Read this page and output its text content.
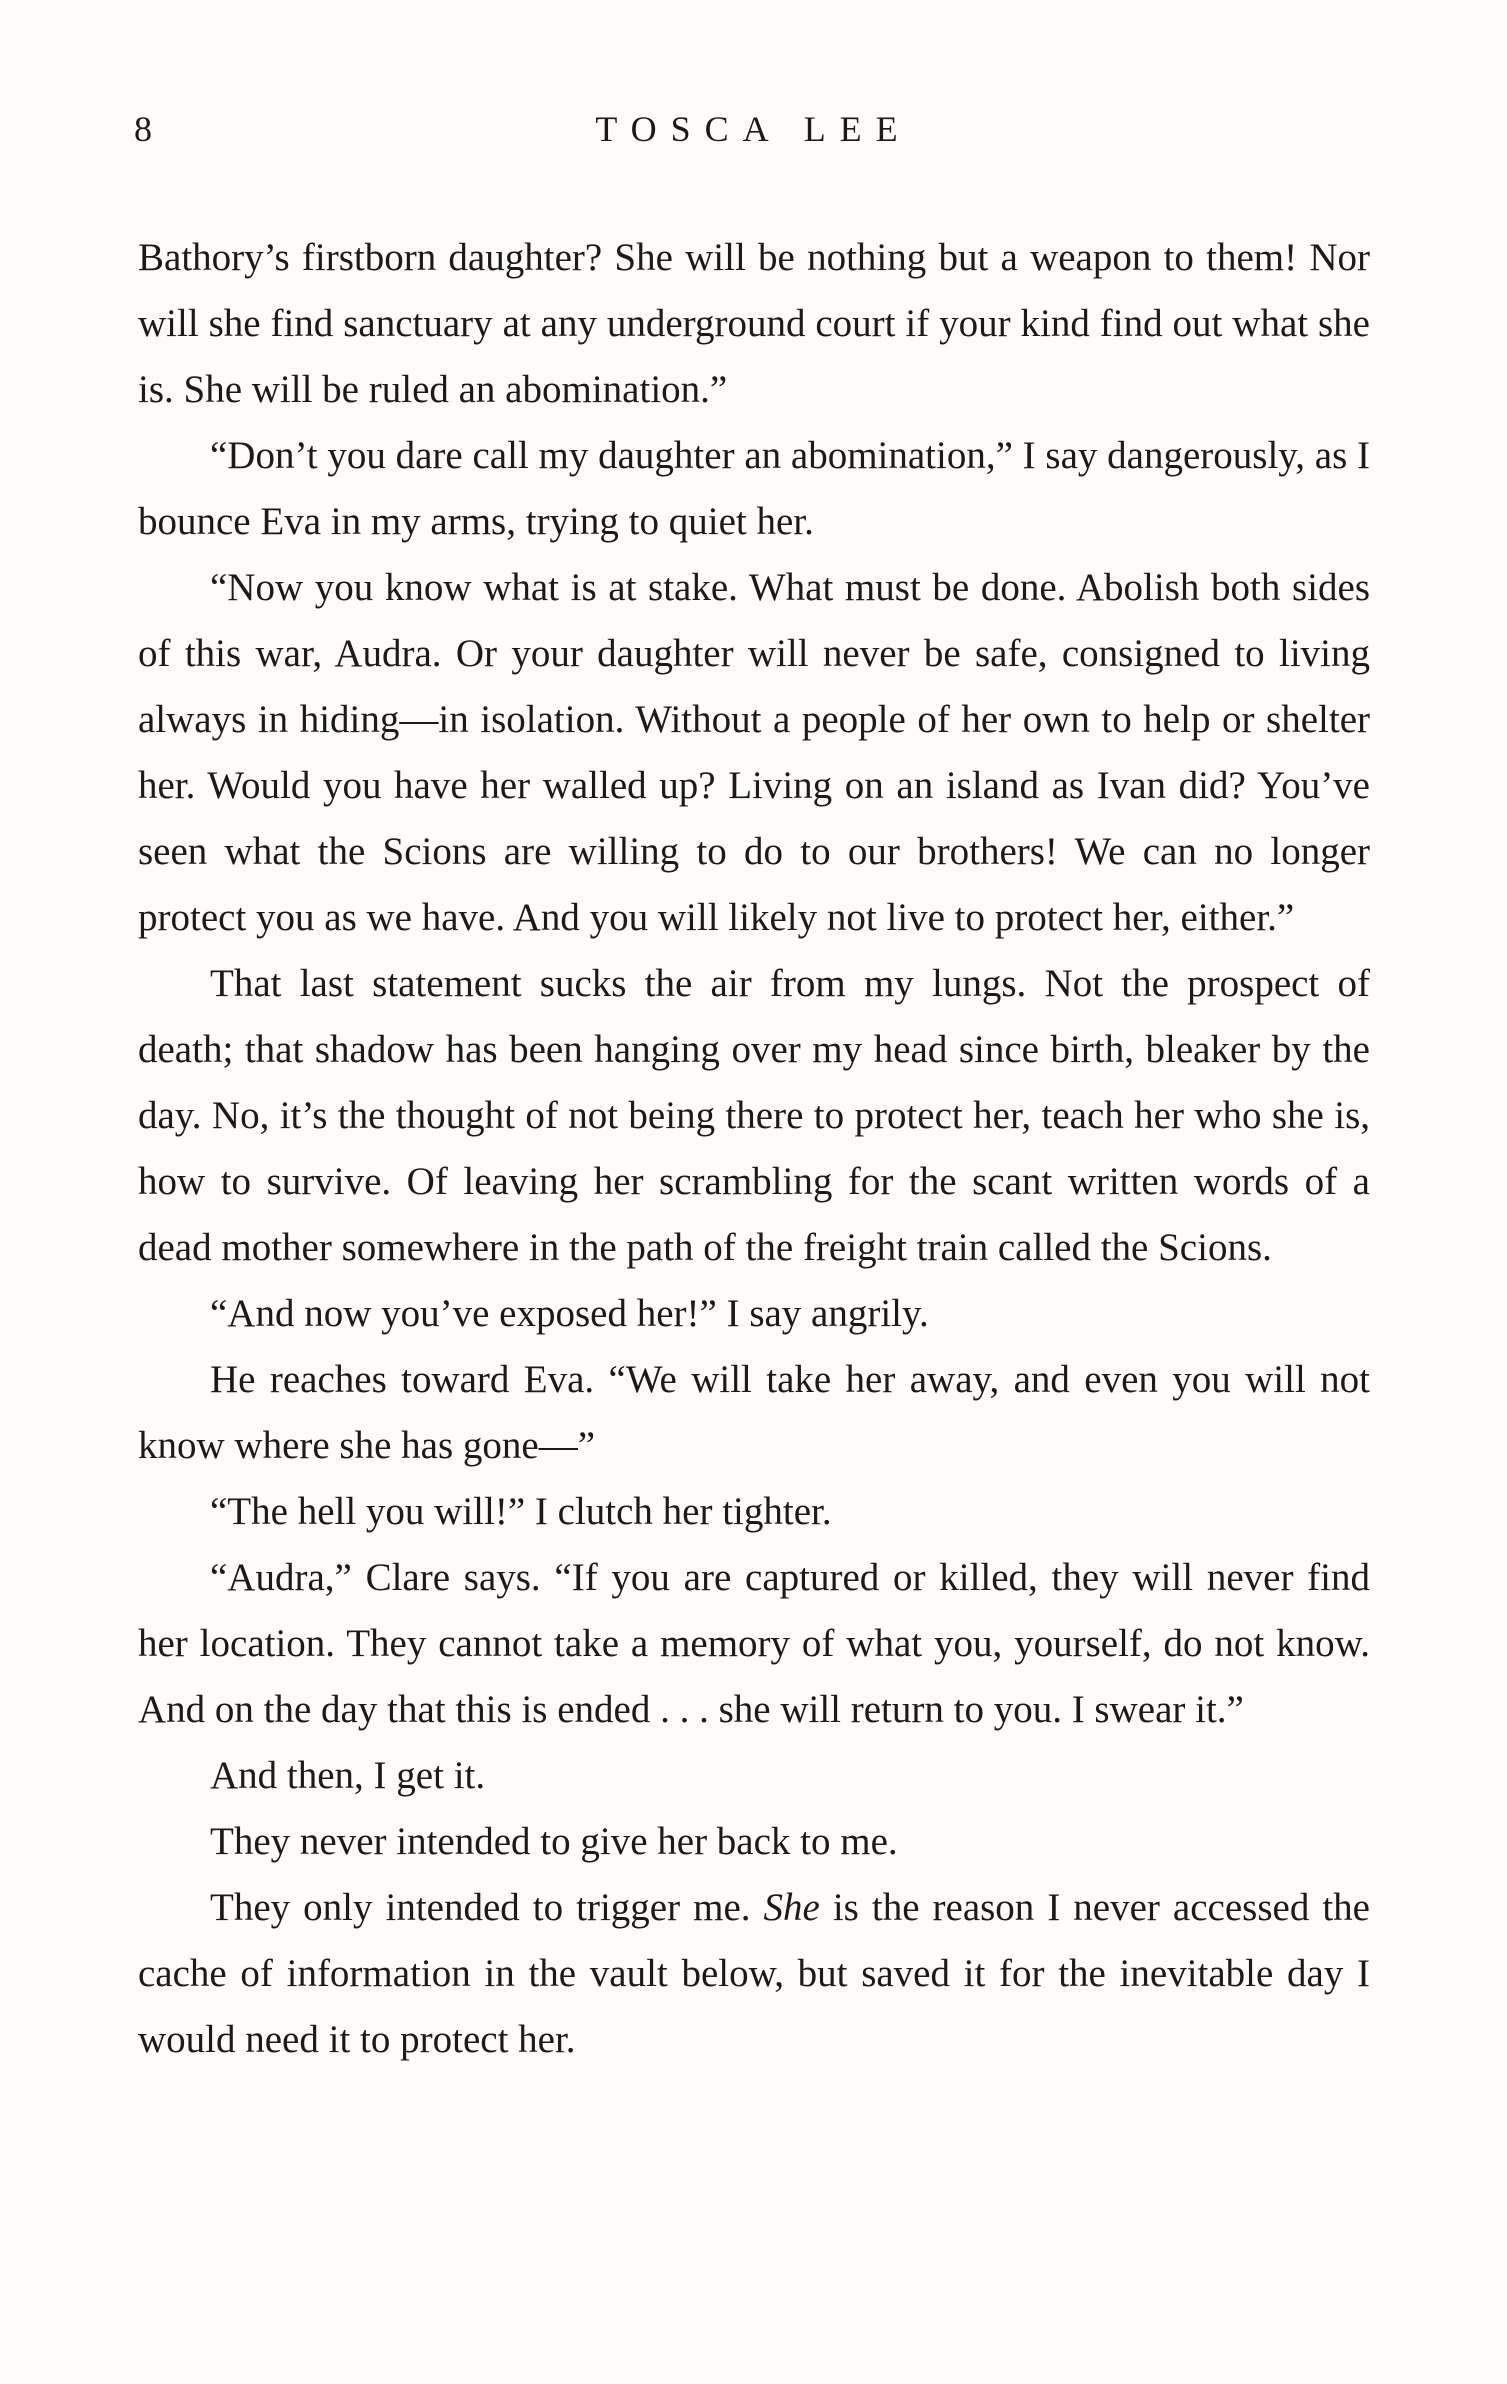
8	TOSCA LEE

Bathory’s firstborn daughter? She will be nothing but a weapon to them! Nor will she find sanctuary at any underground court if your kind find out what she is. She will be ruled an abomination.”

“Don’t you dare call my daughter an abomination,” I say dangerously, as I bounce Eva in my arms, trying to quiet her.

“Now you know what is at stake. What must be done. Abolish both sides of this war, Audra. Or your daughter will never be safe, consigned to living always in hiding—in isolation. Without a people of her own to help or shelter her. Would you have her walled up? Living on an island as Ivan did? You’ve seen what the Scions are willing to do to our brothers! We can no longer protect you as we have. And you will likely not live to protect her, either.”

That last statement sucks the air from my lungs. Not the prospect of death; that shadow has been hanging over my head since birth, bleaker by the day. No, it’s the thought of not being there to protect her, teach her who she is, how to survive. Of leaving her scrambling for the scant written words of a dead mother somewhere in the path of the freight train called the Scions.

“And now you’ve exposed her!” I say angrily.

He reaches toward Eva. “We will take her away, and even you will not know where she has gone—”

“The hell you will!” I clutch her tighter.

“Audra,” Clare says. “If you are captured or killed, they will never find her location. They cannot take a memory of what you, yourself, do not know. And on the day that this is ended . . . she will return to you. I swear it.”

And then, I get it.

They never intended to give her back to me.

They only intended to trigger me. She is the reason I never accessed the cache of information in the vault below, but saved it for the inevitable day I would need it to protect her.
